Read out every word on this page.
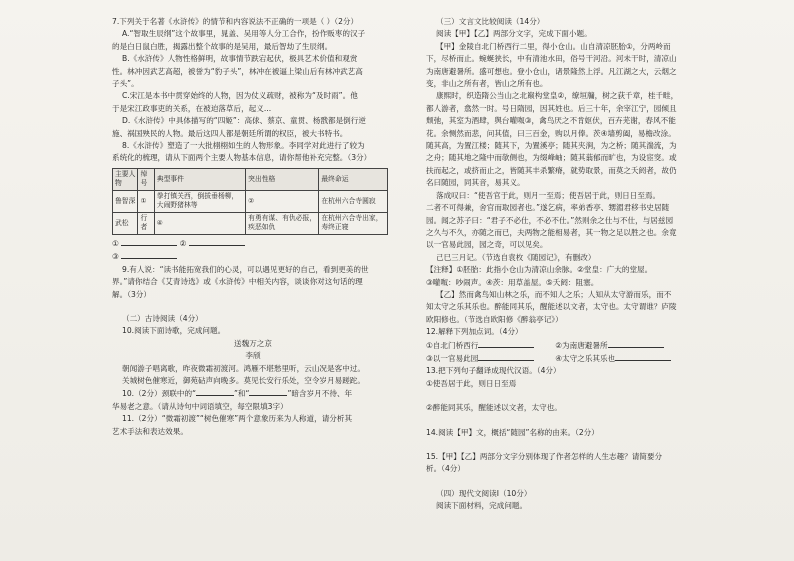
7.下列关于名著《水浒传》的情节和内容说法不正确的一项是（ ）（2分）
A.“智取生辰纲”这个故事里，晁盖、吴用等人分工合作，扮作贩枣的汉子
的是白日鼠白胜，揭露出整个故事的是吴用，最后智劫了生辰纲。
B.《水浒传》人物性格鲜明，故事情节跌宕起伏，极具艺术价值和观赏
性。林冲因武艺高超，被誉为“豹子头”，林冲在被逼上梁山后有林冲武艺高
子头”。
C.宋江是本书中贯穿始终的人物，因为仗义疏财，被称为“及时雨”。他
于是宋江政事吏的关系，在被迫落草后，起义...
D.《水浒传》中具体描写的“四姬”：高俅、蔡京、童贯、杨戬都是倒行逆
施、祸国殃民的人物。最后这四人都是朝廷所谓的权臣，被大书特书。
8.《水浒传》塑造了一大批栩栩如生的人物形象。李同学对此进行了较为
系统化的梳理，请从下面两个主要人物基本信息，请你帮他补充完整。（3分）
主要人物	绰号	典型事件	突出性格	最终命运
鲁智深	①	拳打镇关西，倒拔垂杨柳，大闹野猪林等	②	在杭州六合寺圆寂
武松	行者	④	有勇有谋、有仇必报，疾恶如仇	在杭州六合寺出家，寿终正寝
①	②
③
9.有人说：“读书能拓宽我们的心灵，可以遇见更好的自己，看到更美的世
界。”请你结合《艾青诗选》或《水浒传》中相关内容，谈谈你对这句话的理
解。（3分）
（二）古诗阅读（4分）
10.阅读下面诗歌，完成问题。
送魏万之京
李颀
朝闻游子唱离歌，昨夜微霜初渡河。鸿雁不堪愁里听，云山况是客中过。
关城树色催寒近，御苑砧声向晚多。莫见长安行乐处，空令岁月易蹉跎。
10.（2分）颈联中的“	”和“	”暗含岁月不待、年
华易老之意。（请从诗句中词语填空，每空限填3字）
11.（2分）“微霜初渡”“树色催寒”两个意象历来为人称道，请分析其
艺术手法和表达效果。
（三）文言文比较阅读（14分）
阅读【甲】【乙】两部分文字，完成下面小题。
【甲】金陵自北门桥西行二里，得小仓山。山自清凉胚胎①，分两岭而
下，尽桥而止。蜿蜒狭长，中有清池水田，俗号干河沿。河未干时，清凉山
为南唐避暑所。盛可想也。登小仓山，诸景隆然上浮。凡江湖之大，云烟之
变，非山之所有者，皆山之所有也。
康熙时，织造隋公当山之北巅构堂皇②，缭垣牖，树之荻千章，桂千畦，
都人游者，翕然一时。号日隋园，因其姓也。后三十年，余宰江宁，园倾且
颓弛，其室为酒肆，舆台嚾呶③，禽鸟厌之不肯妪伏，百卉芜谢，春风不能
花。余恻然而悲，问其值，曰三百金，购以月俸。茨④墙剪阖，易檐改涂。
随其高，为置江楼；随其下，为置溪亭；随其夹涧，为之桥；随其湍流，为
之舟；随其地之隆中而欹侧也，为缀峰岫；随其蓊郁而旷也，为设宦窔。或
扶而起之，或挤而止之，皆随其丰杀繁瘠，就势取景，而莫之夭阏者，故仍
名曰随园，同其音，易其义。
落成叹曰：“使吾官于此，则月一至焉；使吾居于此，则日日至焉。
二者不可得兼，舍官而取园者也。”遂乞病，率弟香亭、甥湄君移书史居随
园。闻之苏子曰：“君子不必仕，不必不仕。”然则余之仕与不仕，与居兹园
之久与不久，亦随之而已，夫两物之能相易者，其一物之足以胜之也。余竟
以一官易此园，园之奇，可以见矣。
己巳三月记。（节选自袁枚《随园记》，有删改）
【注释】①胚胎：此指小仓山为清凉山余脉。②堂皇：广大的堂屋。
③嚾呶：吵闹声。④茨：用草盖屋。⑤夭阏：阻塞。
【乙】然而禽鸟知山林之乐，而不知人之乐；人知从太守游而乐，而不
知太守之乐其乐也。醉能同其乐，醒能述以文者，太守也。太守谓谁？庐陵
欧阳修也。（节选自欧阳修《醉翁亭记》）
12.解释下列加点词。（4分）
①自北门桥西行	②为南唐避暑所
③以一官易此园	④太守之乐其乐也
13.把下列句子翻译成现代汉语。（4分）
①使吾居于此，则日日至焉
②醉能同其乐，醒能述以文者，太守也。
14.阅读【甲】文，概括“随园”名称的由来。（2分）
15.【甲】【乙】两部分文字分别体现了作者怎样的人生志趣？请简要分
析。（4分）
（四）现代文阅读Ⅰ（10分）
阅读下面材料，完成问题。
